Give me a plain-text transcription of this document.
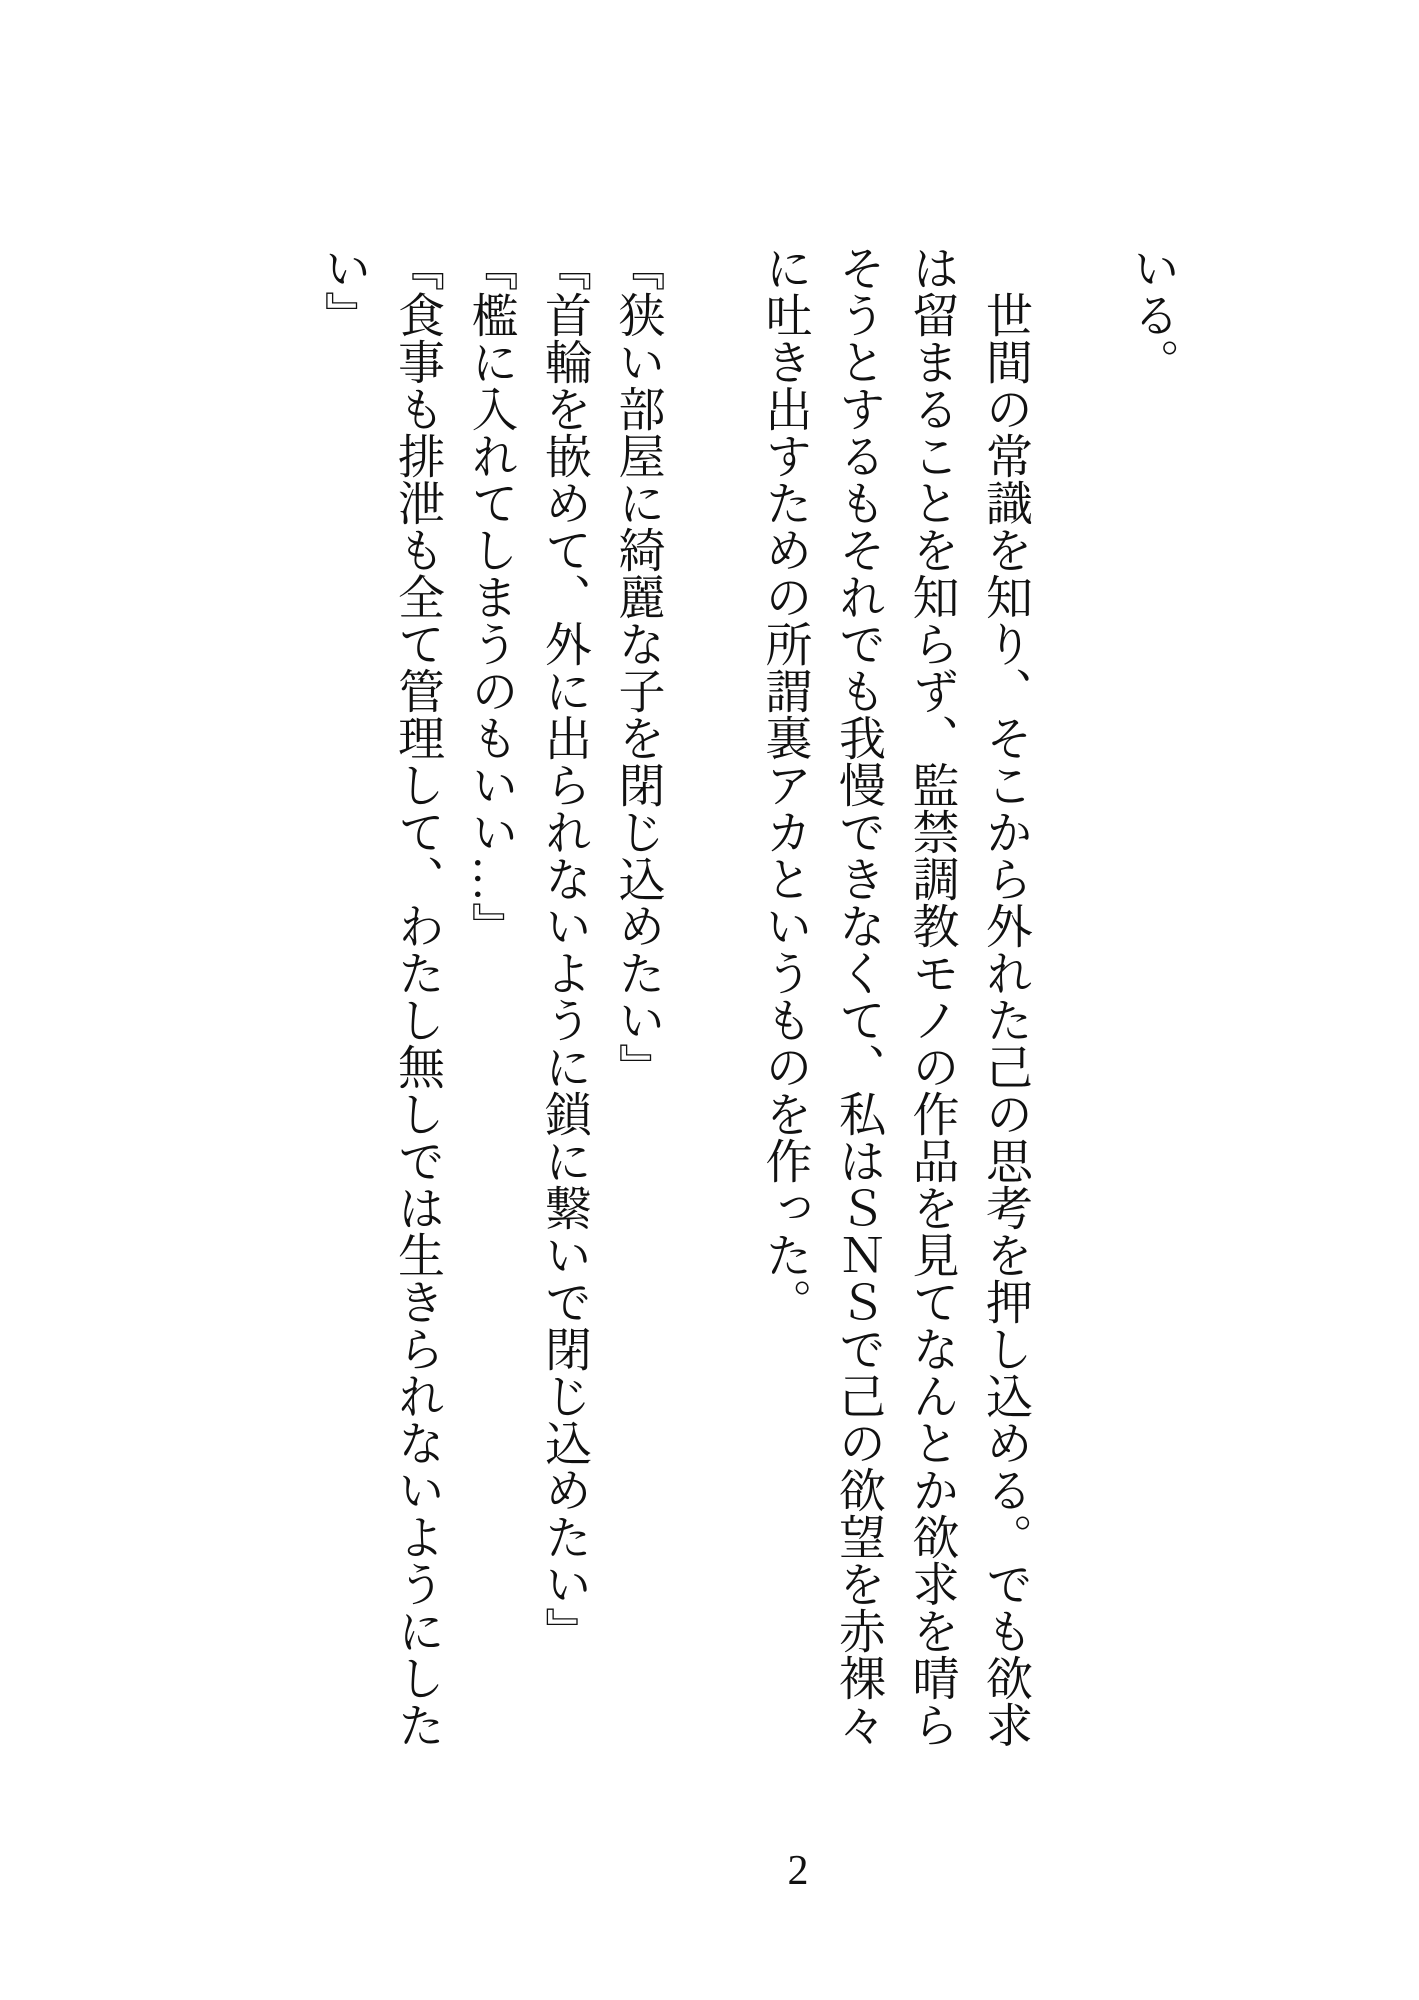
いる。

　世間の常識を知り、そこから外れた己の思考を押し込める。でも欲求は留まることを知らず、監禁調教モノの作品を見てなんとか欲求を晴らそうとするもそれでも我慢できなくて、私はＳＮＳで己の欲望を赤裸々に吐き出すための所謂裏アカというものを作った。

『狭い部屋に綺麗な子を閉じ込めたい』

『首輪を嵌めて、外に出られないように鎖に繋いで閉じ込めたい』

『檻に入れてしまうのもいい…』

『食事も排泄も全て管理して、わたし無しでは生きられないようにしたい』

2
